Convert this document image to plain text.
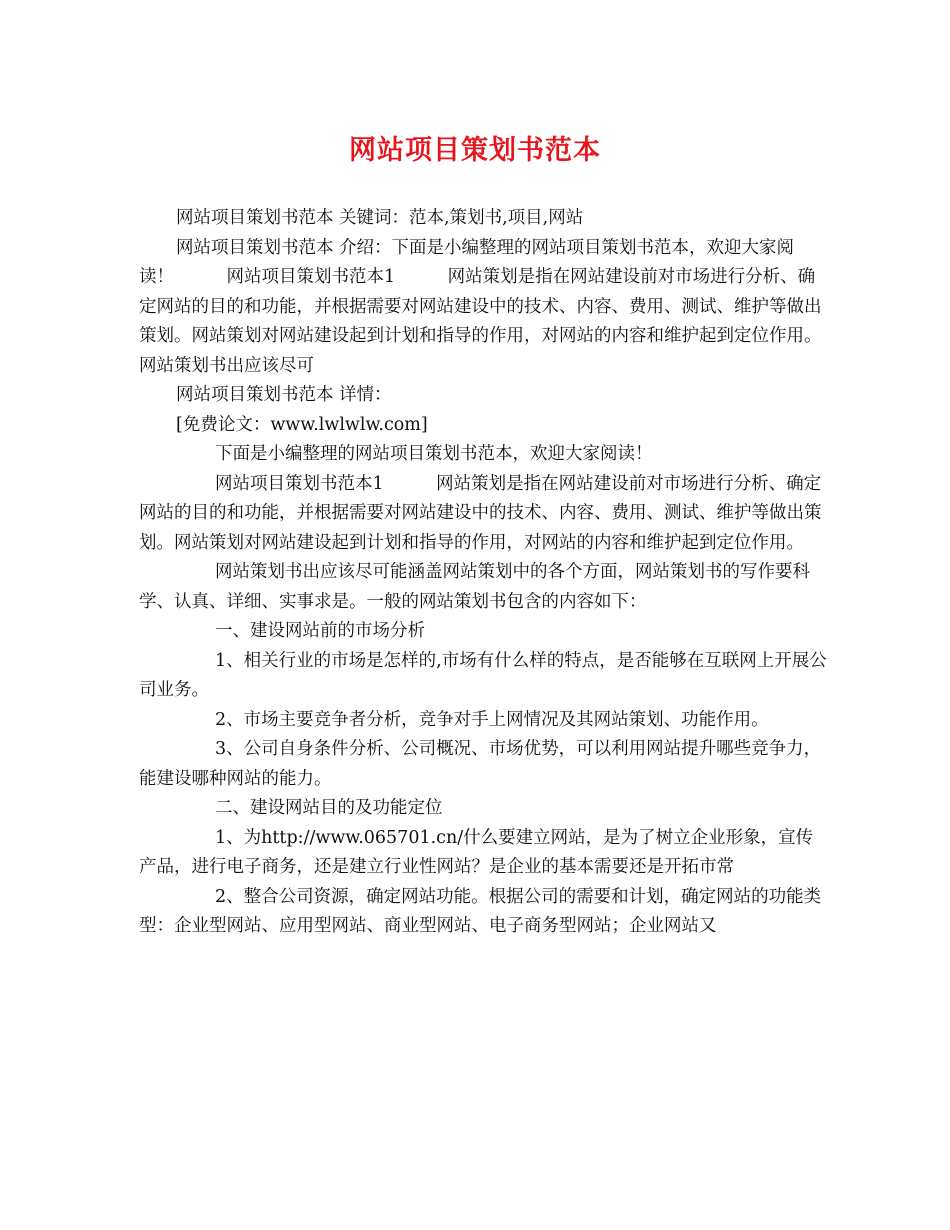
网站项目策划书范本

网站项目策划书范本 关键词：范本,策划书,项目,网站

网站项目策划书范本 介绍：下面是小编整理的网站项目策划书范本，欢迎大家阅读！　　　网站项目策划书范本1　　　网站策划是指在网站建设前对市场进行分析、确定网站的目的和功能，并根据需要对网站建设中的技术、内容、费用、测试、维护等做出策划。网站策划对网站建设起到计划和指导的作用，对网站的内容和维护起到定位作用。　　　网站策划书出应该尽可

网站项目策划书范本 详情：

[免费论文：www.lwlwlw.com]

下面是小编整理的网站项目策划书范本，欢迎大家阅读！

网站项目策划书范本1　　　网站策划是指在网站建设前对市场进行分析、确定网站的目的和功能，并根据需要对网站建设中的技术、内容、费用、测试、维护等做出策划。网站策划对网站建设起到计划和指导的作用，对网站的内容和维护起到定位作用。

网站策划书出应该尽可能涵盖网站策划中的各个方面，网站策划书的写作要科学、认真、详细、实事求是。一般的网站策划书包含的内容如下：

一、建设网站前的市场分析

1、相关行业的市场是怎样的,市场有什么样的特点，是否能够在互联网上开展公司业务。

2、市场主要竞争者分析，竞争对手上网情况及其网站策划、功能作用。

3、公司自身条件分析、公司概况、市场优势，可以利用网站提升哪些竞争力，能建设哪种网站的能力。

二、建设网站目的及功能定位

1、为http://www.065701.cn/什么要建立网站，是为了树立企业形象，宣传产品，进行电子商务，还是建立行业性网站？是企业的基本需要还是开拓市常

2、整合公司资源，确定网站功能。根据公司的需要和计划，确定网站的功能类型：企业型网站、应用型网站、商业型网站、电子商务型网站；企业网站又
